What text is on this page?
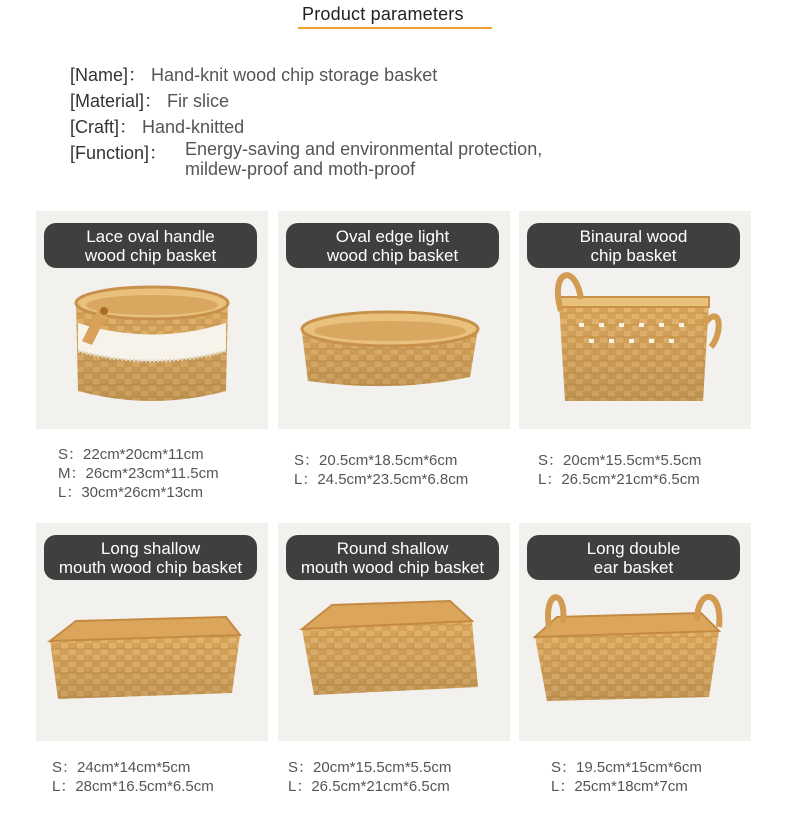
Product parameters
[Name]： Hand-knit wood chip storage basket
[Material]： Fir slice
[Craft]： Hand-knitted
[Function]： Energy-saving and environmental protection,
mildew-proof and moth-proof
Lace oval handle
wood chip basket
Oval edge light
wood chip basket
Binaural wood
chip basket
Long shallow
mouth wood chip basket
Round shallow
mouth wood chip basket
Long double
ear basket
S：22cm*20cm*11cm
M：26cm*23cm*11.5cm
L：30cm*26cm*13cm
S：20.5cm*18.5cm*6cm
L：24.5cm*23.5cm*6.8cm
S：20cm*15.5cm*5.5cm
L：26.5cm*21cm*6.5cm
S：24cm*14cm*5cm
L：28cm*16.5cm*6.5cm
S：20cm*15.5cm*5.5cm
L：26.5cm*21cm*6.5cm
S：19.5cm*15cm*6cm
L：25cm*18cm*7cm
